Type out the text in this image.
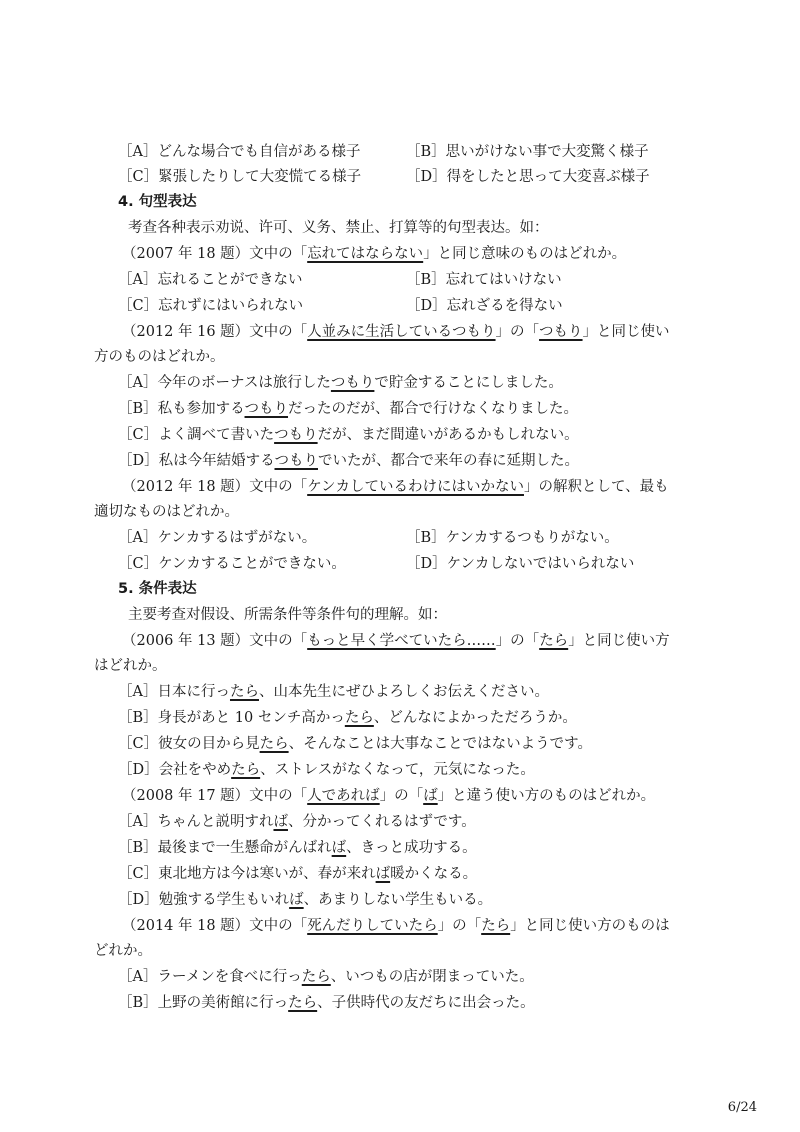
［A］どんな場合でも自信がある様子	［B］思いがけない事で大変驚く様子
［C］緊張したりして大変慌てる様子	［D］得をしたと思って大変喜ぶ様子
4. 句型表达
考查各种表示劝说、许可、义务、禁止、打算等的句型表达。如：
（2007 年 18 题）文中の「忘れてはならない」と同じ意味のものはどれか。
［A］忘れることができない	［B］忘れてはいけない
［C］忘れずにはいられない	［D］忘れざるを得ない
（2012 年 16 题）文中の「人並みに生活しているつもり」の「つもり」と同じ使い
方のものはどれか。
［A］今年のボーナスは旅行したつもりで貯金することにしました。
［B］私も参加するつもりだったのだが、都合で行けなくなりました。
［C］よく調べて書いたつもりだが、まだ間違いがあるかもしれない。
［D］私は今年結婚するつもりでいたが、都合で来年の春に延期した。
（2012 年 18 题）文中の「ケンカしているわけにはいかない」の解釈として、最も
適切なものはどれか。
［A］ケンカするはずがない。	［B］ケンカするつもりがない。
［C］ケンカすることができない。	［D］ケンカしないではいられない
5. 条件表达
主要考查对假设、所需条件等条件句的理解。如：
（2006 年 13 题）文中の「もっと早く学べていたら……」の「たら」と同じ使い方
はどれか。
［A］日本に行ったら、山本先生にぜひよろしくお伝えください。
［B］身長があと 10 センチ高かったら、どんなによかっただろうか。
［C］彼女の目から見たら、そんなことは大事なことではないようです。
［D］会社をやめたら、ストレスがなくなって，元気になった。
（2008 年 17 题）文中の「人であれば」の「ば」と違う使い方のものはどれか。
［A］ちゃんと説明すれば、分かってくれるはずです。
［B］最後まで一生懸命がんばれば、きっと成功する。
［C］東北地方は今は寒いが、春が来れば暖かくなる。
［D］勉強する学生もいれば、あまりしない学生もいる。
（2014 年 18 题）文中の「死んだりしていたら」の「たら」と同じ使い方のものは
どれか。
［A］ラーメンを食べに行ったら、いつもの店が閉まっていた。
［B］上野の美術館に行ったら、子供時代の友だちに出会った。
6/24
